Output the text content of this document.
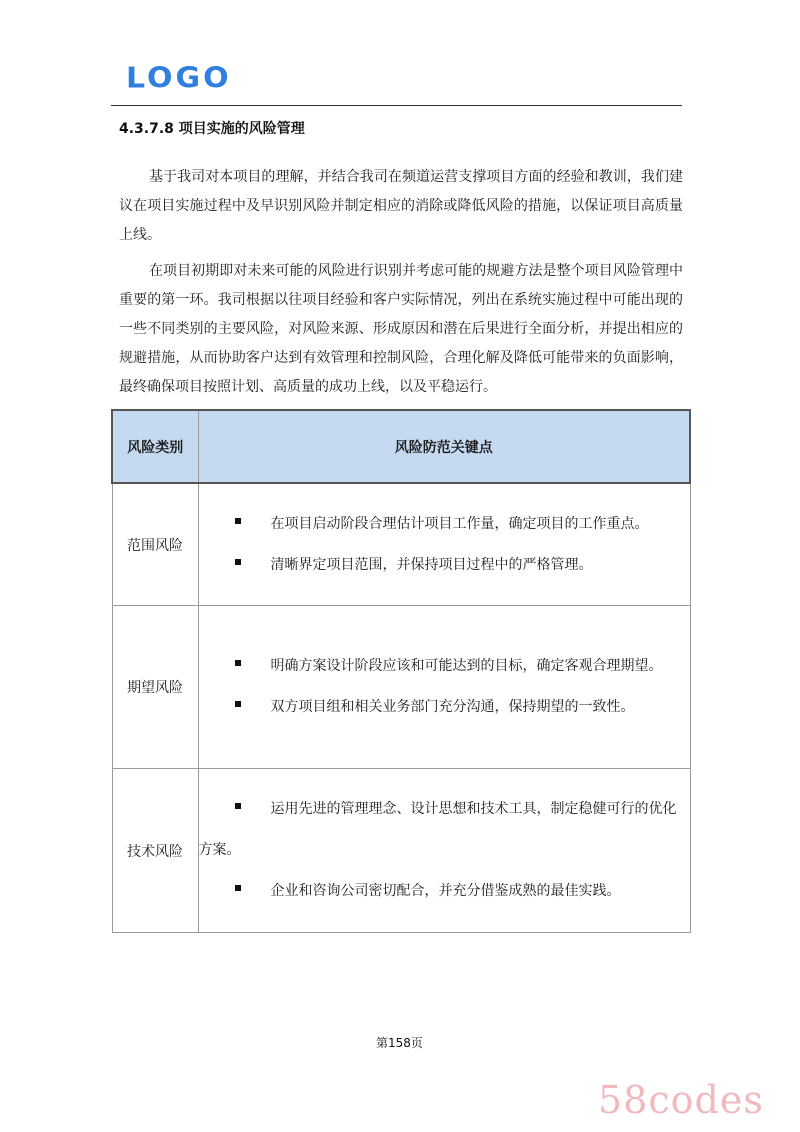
LOGO
4.3.7.8 项目实施的风险管理

基于我司对本项目的理解，并结合我司在频道运营支撑项目方面的经验和教训，我们建议在项目实施过程中及早识别风险并制定相应的消除或降低风险的措施，以保证项目高质量上线。

在项目初期即对未来可能的风险进行识别并考虑可能的规避方法是整个项目风险管理中重要的第一环。我司根据以往项目经验和客户实际情况，列出在系统实施过程中可能出现的一些不同类别的主要风险，对风险来源、形成原因和潜在后果进行全面分析，并提出相应的规避措施，从而协助客户达到有效管理和控制风险，合理化解及降低可能带来的负面影响，最终确保项目按照计划、高质量的成功上线，以及平稳运行。

风险类别	风险防范关键点
范围风险	在项目启动阶段合理估计项目工作量，确定项目的工作重点。

清晰界定项目范围，并保持项目过程中的严格管理。

期望风险	明确方案设计阶段应该和可能达到的目标，确定客观合理期望。

双方项目组和相关业务部门充分沟通，保持期望的一致性。

技术风险	运用先进的管理理念、设计思想和技术工具，制定稳健可行的优化方案。

企业和咨询公司密切配合，并充分借鉴成熟的最佳实践。

第158页
58codes
